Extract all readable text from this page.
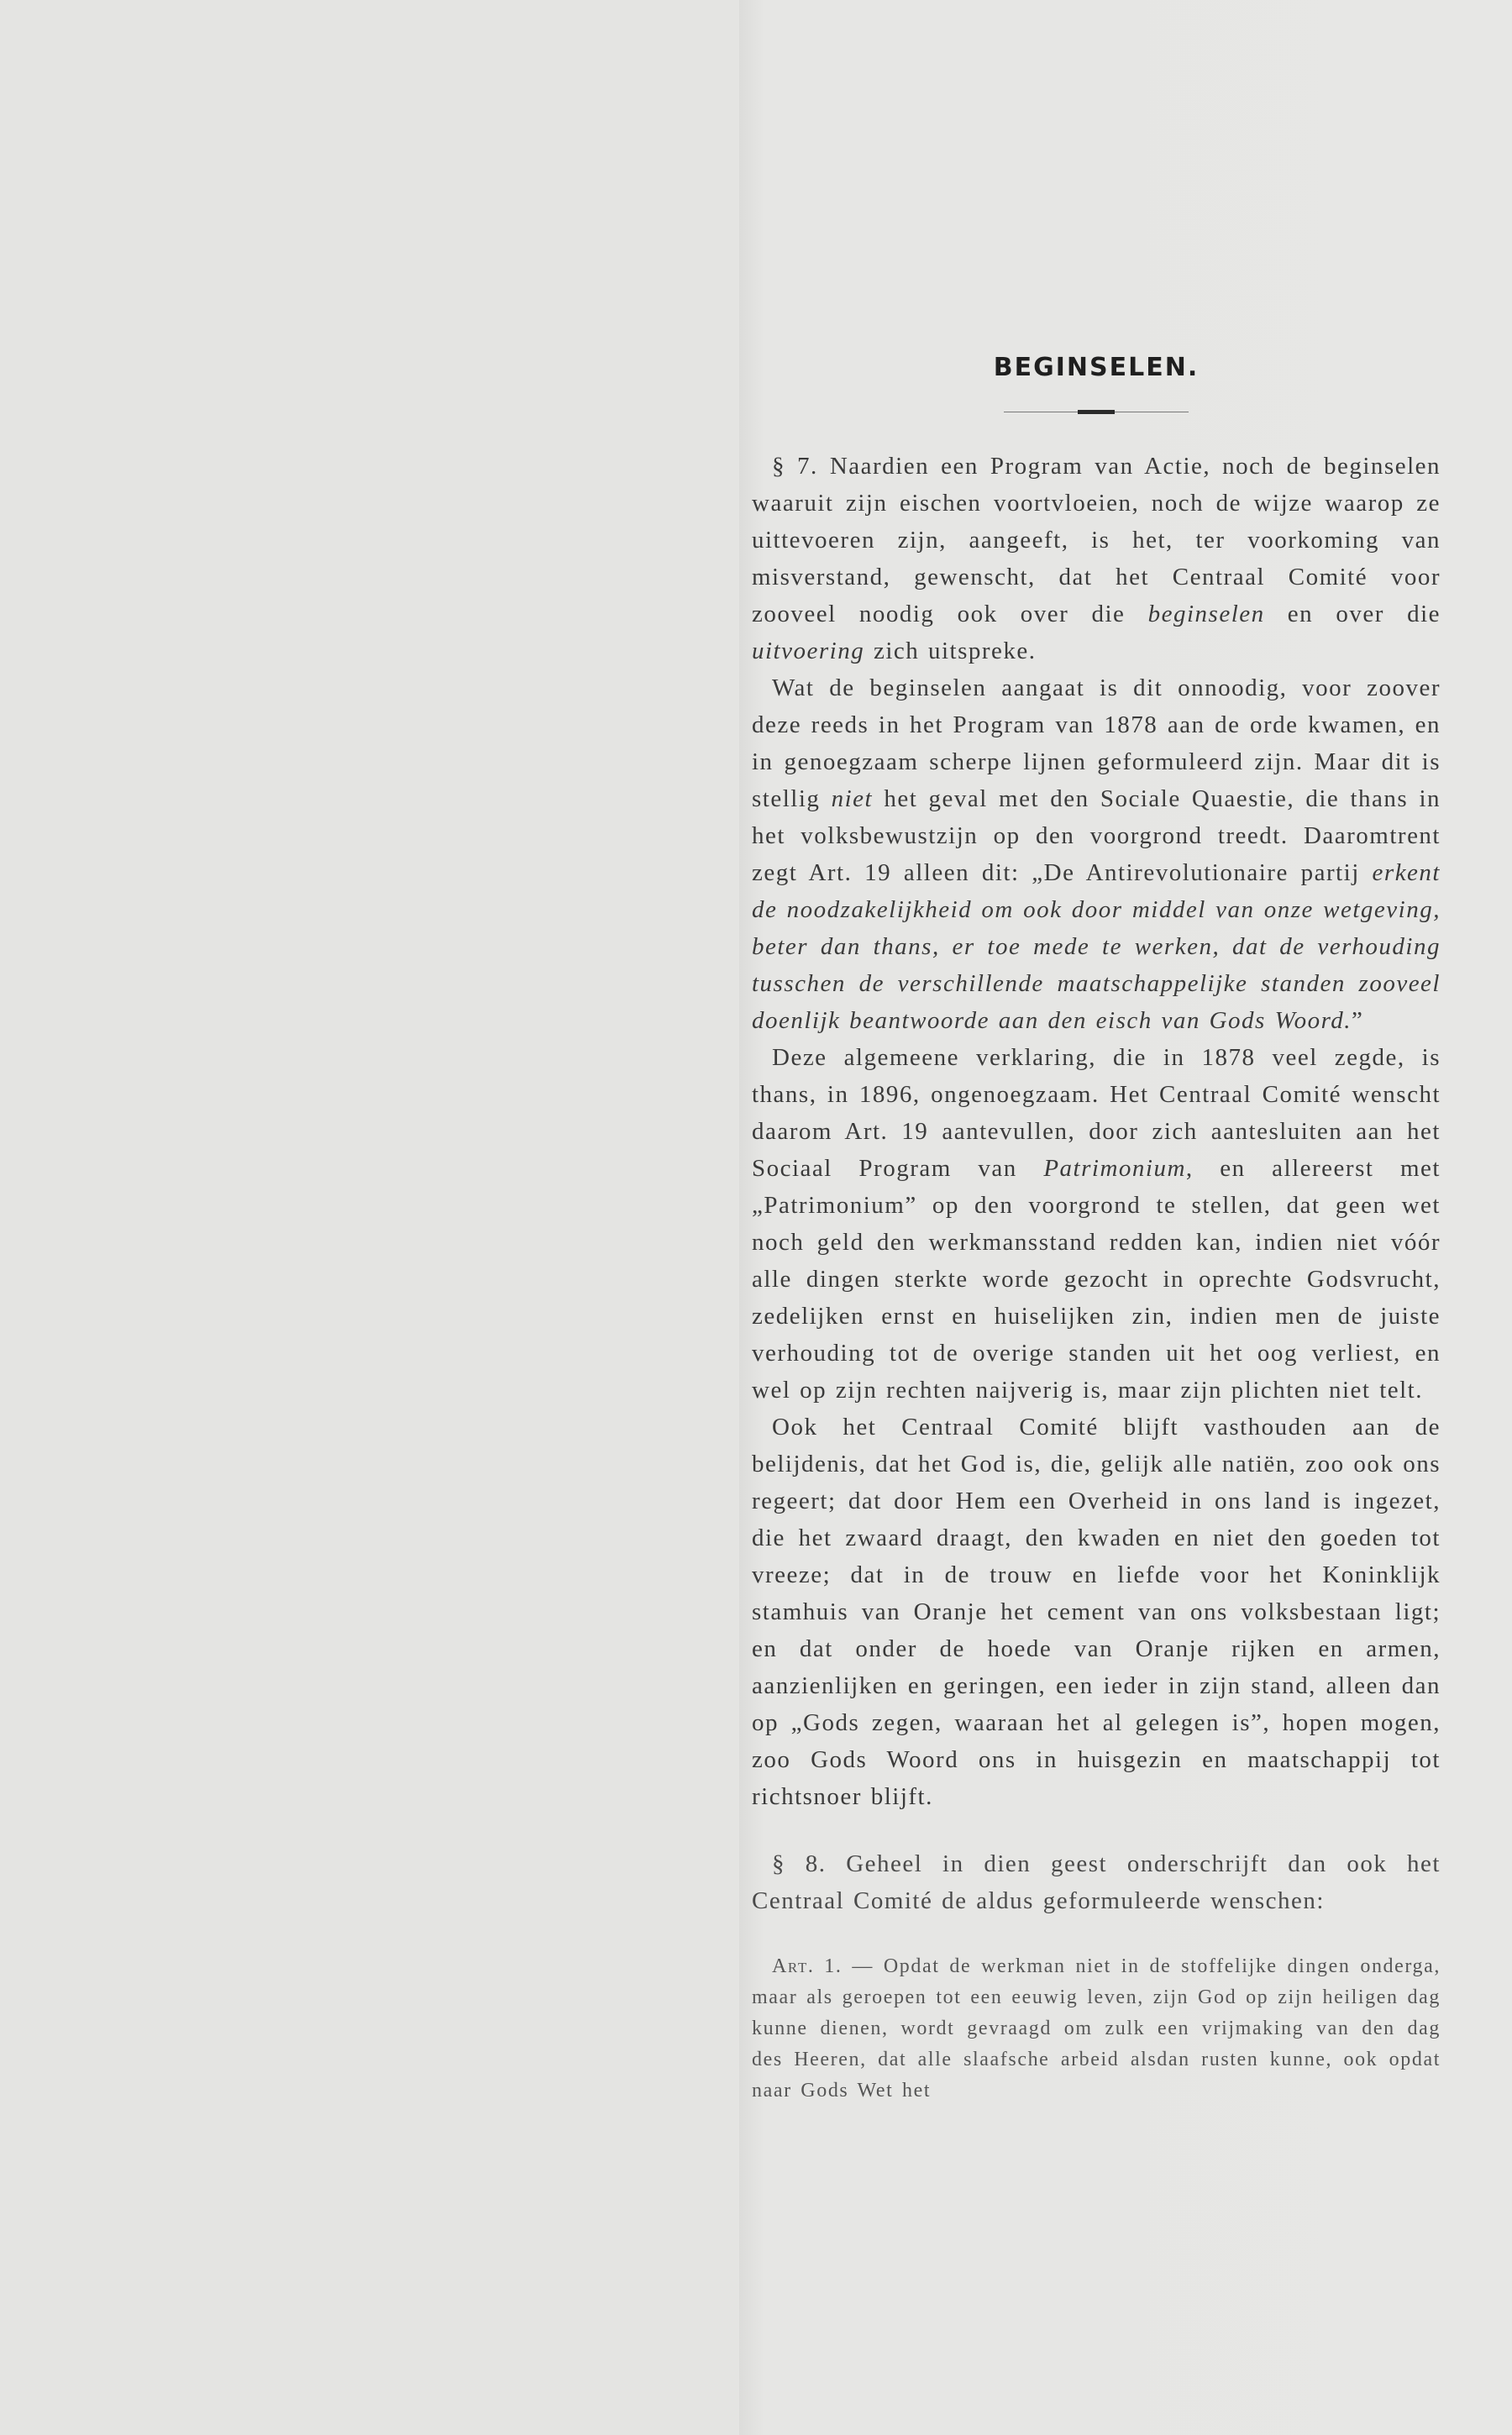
BEGINSELEN.

§ 7. Naardien een Program van Actie, noch de beginselen waaruit zijn eischen voortvloeien, noch de wijze waarop ze uittevoeren zijn, aangeeft, is het, ter voorkoming van misverstand, gewenscht, dat het Centraal Comité voor zooveel noodig ook over die beginselen en over die uitvoering zich uitspreke.

Wat de beginselen aangaat is dit onnoodig, voor zoover deze reeds in het Program van 1878 aan de orde kwamen, en in genoegzaam scherpe lijnen geformuleerd zijn. Maar dit is stellig niet het geval met den Sociale Quaestie, die thans in het volksbewustzijn op den voorgrond treedt. Daaromtrent zegt Art. 19 alleen dit: „De Antirevolutionaire partij erkent de noodzakelijkheid om ook door middel van onze wetgeving, beter dan thans, er toe mede te werken, dat de verhouding tusschen de verschillende maatschappelijke standen zooveel doenlijk beantwoorde aan den eisch van Gods Woord.”

Deze algemeene verklaring, die in 1878 veel zegde, is thans, in 1896, ongenoegzaam. Het Centraal Comité wenscht daarom Art. 19 aantevullen, door zich aantesluiten aan het Sociaal Program van Patrimonium, en allereerst met „Patrimonium” op den voorgrond te stellen, dat geen wet noch geld den werkmansstand redden kan, indien niet vóór alle dingen sterkte worde gezocht in oprechte Godsvrucht, zedelijken ernst en huiselijken zin, indien men de juiste verhouding tot de overige standen uit het oog verliest, en wel op zijn rechten naijverig is, maar zijn plichten niet telt.

Ook het Centraal Comité blijft vasthouden aan de belijdenis, dat het God is, die, gelijk alle natiën, zoo ook ons regeert; dat door Hem een Overheid in ons land is ingezet, die het zwaard draagt, den kwaden en niet den goeden tot vreeze; dat in de trouw en liefde voor het Koninklijk stamhuis van Oranje het cement van ons volksbestaan ligt; en dat onder de hoede van Oranje rijken en armen, aanzienlijken en geringen, een ieder in zijn stand, alleen dan op „Gods zegen, waaraan het al gelegen is”, hopen mogen, zoo Gods Woord ons in huisgezin en maatschappij tot richtsnoer blijft.

§ 8. Geheel in dien geest onderschrijft dan ook het Centraal Comité de aldus geformuleerde wenschen:

Art. 1. — Opdat de werkman niet in de stoffelijke dingen onderga, maar als geroepen tot een eeuwig leven, zijn God op zijn heiligen dag kunne dienen, wordt gevraagd om zulk een vrijmaking van den dag des Heeren, dat alle slaafsche arbeid alsdan rusten kunne, ook opdat naar Gods Wet het
